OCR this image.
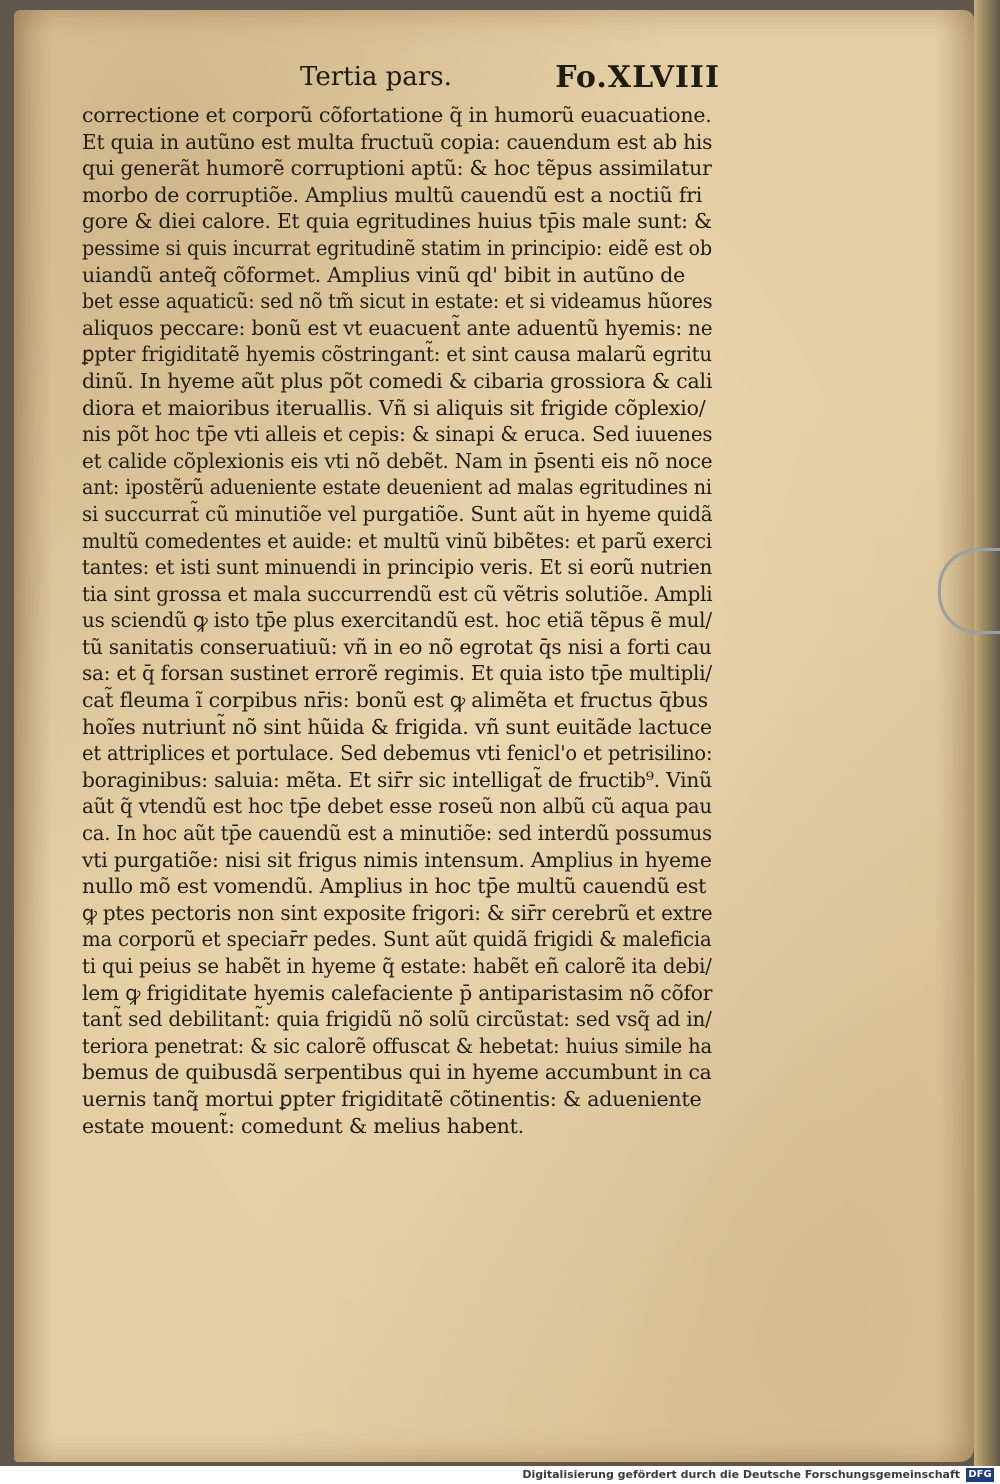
Tertia pars.	Fo.XLVIII
correctione et corporũ cõfortatione q̃ in humorũ euacuatione.
Et quia in autũno est multa fructuũ copia: cauendum est ab his
qui generãt humorẽ corruptioni aptũ: & hoc tẽpus assimilatur
morbo de corruptiõe. Amplius multũ cauendũ est a noctiũ fri
gore & diei calore. Et quia egritudines huius tp̄is male sunt: &
pessime si quis incurrat egritudinẽ statim in principio: eidẽ est ob
uiandũ anteq̃ cõformet. Amplius vinũ qd' bibit in autũno de
bet esse aquaticũ: sed nõ tm̃ sicut in estate: et si videamus hũores
aliquos peccare: bonũ est vt euacuent̃ ante aduentũ hyemis: ne
ꝑpter frigiditatẽ hyemis cõstringant̃: et sint causa malarũ egritu
dinũ. In hyeme aũt plus põt comedi & cibaria grossiora & cali
diora et maioribus iteruallis. Vñ si aliquis sit frigide cõplexio/
nis põt hoc tp̄e vti alleis et cepis: & sinapi & eruca. Sed iuuenes
et calide cõplexionis eis vti nõ debẽt. Nam in p̄senti eis nõ noce
ant: ipostẽrũ adueniente estate deuenient ad malas egritudines ni
si succurrat̃ cũ minutiõe vel purgatiõe. Sunt aũt in hyeme quidã
multũ comedentes et auide: et multũ vinũ bibẽtes: et parũ exerci
tantes: et isti sunt minuendi in principio veris. Et si eorũ nutrien
tia sint grossa et mala succurrendũ est cũ vẽtris solutiõe. Ampli
us sciendũ ꝙ isto tp̄e plus exercitandũ est. hoc etiã tẽpus ẽ mul/
tũ sanitatis conseruatiuũ: vñ in eo nõ egrotat q̄s nisi a forti cau
sa: et q̄ forsan sustinet errorẽ regimis. Et quia isto tp̄e multipli/
cat̃ fleuma ĩ corpibus nr̄is: bonũ est ꝙ alimẽta et fructus q̄bus
hoĩes nutriunt̃ nõ sint hũida & frigida. vñ sunt euitãde lactuce
et attriplices et portulace. Sed debemus vti fenicl'o et petrisilino:
boraginibus: saluia: mẽta. Et sir̄r sic intelligat̃ de fructib⁹. Vinũ
aũt q̃ vtendũ est hoc tp̄e debet esse roseũ non albũ cũ aqua pau
ca. In hoc aũt tp̄e cauendũ est a minutiõe: sed interdũ possumus
vti purgatiõe: nisi sit frigus nimis intensum. Amplius in hyeme
nullo mõ est vomendũ. Amplius in hoc tp̄e multũ cauendũ est
ꝙ ptes pectoris non sint exposite frigori: & sir̄r cerebrũ et extre
ma corporũ et speciar̄r pedes. Sunt aũt quidã frigidi & maleficia
ti qui peius se habẽt in hyeme q̃ estate: habẽt eñ calorẽ ita debi/
lem ꝙ frigiditate hyemis calefaciente p̄ antiparistasim nõ cõfor
tant̃ sed debilitant̃: quia frigidũ nõ solũ circũstat: sed vsq̃ ad in/
teriora penetrat: & sic calorẽ offuscat & hebetat: huius simile ha
bemus de quibusdã serpentibus qui in hyeme accumbunt in ca
uernis tanq̃ mortui ꝑpter frigiditatẽ cõtinentis: & adueniente
estate mouent̃: comedunt & melius habent.
Digitalisierung gefördert durch die Deutsche Forschungsgemeinschaft DFG
